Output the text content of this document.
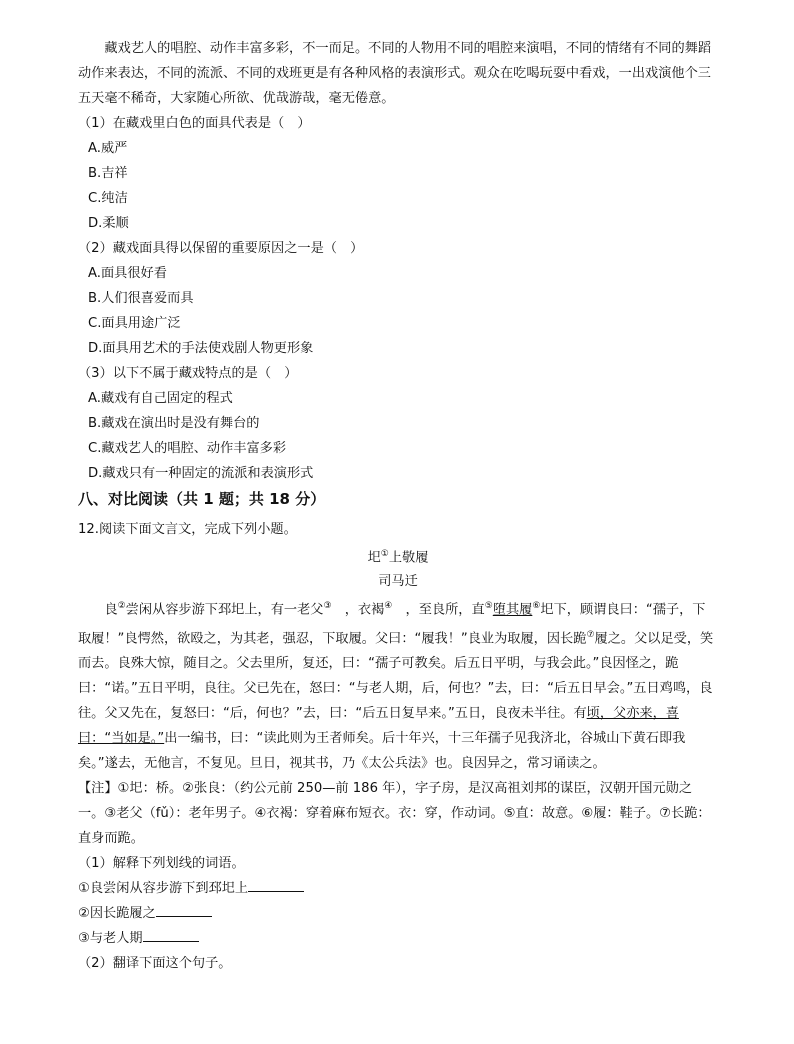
藏戏艺人的唱腔、动作丰富多彩，不一而足。不同的人物用不同的唱腔来演唱，不同的情绪有不同的舞蹈动作来表达，不同的流派、不同的戏班更是有各种风格的表演形式。观众在吃喝玩耍中看戏，一出戏演他个三五天毫不稀奇，大家随心所欲、优哉游哉，毫无倦意。

（1）在藏戏里白色的面具代表是（　）

A.威严

B.吉祥

C.纯洁

D.柔顺

（2）藏戏面具得以保留的重要原因之一是（　）

A.面具很好看

B.人们很喜爱而具

C.面具用途广泛

D.面具用艺术的手法使戏剧人物更形象

（3）以下不属于藏戏特点的是（　）

A.藏戏有自己固定的程式

B.藏戏在演出时是没有舞台的

C.藏戏艺人的唱腔、动作丰富多彩

D.藏戏只有一种固定的流派和表演形式

八、对比阅读（共 1 题；共 18 分）

12.阅读下面文言文，完成下列小题。

圯①上敬履

司马迁

良②尝闲从容步游下邳圯上，有一老父③　，衣褐④　，至良所，直⑤堕其履⑥圯下，顾谓良曰：“孺子，下取履！”良愕然，欲殴之，为其老，强忍，下取履。父曰：“履我！”良业为取履，因长跪⑦履之。父以足受，笑而去。良殊大惊，随目之。父去里所，复还，曰：“孺子可教矣。后五日平明，与我会此。”良因怪之，跪曰：“诺。”五日平明，良往。父已先在，怒曰：“与老人期，后，何也？”去，曰：“后五日早会。”五日鸡鸣，良往。父又先在，复怒曰：“后，何也？”去，曰：“后五日复早来。”五日，良夜未半往。有顷，父亦来，喜曰：“当如是。”出一编书，曰：“读此则为王者师矣。后十年兴，十三年孺子见我济北，谷城山下黄石即我矣。”遂去，无他言，不复见。旦日，视其书，乃《太公兵法》也。良因异之，常习诵读之。

【注】①圯：桥。②张良：（约公元前 250—前 186 年），字子房，是汉高祖刘邦的谋臣，汉朝开国元勋之一。③老父（fǔ）：老年男子。④衣褐：穿着麻布短衣。衣：穿，作动词。⑤直：故意。⑥履：鞋子。⑦长跪：直身而跪。

（1）解释下列划线的词语。

①良尝闲从容步游下到邳圯上

②因长跪履之

③与老人期

（2）翻译下面这个句子。
